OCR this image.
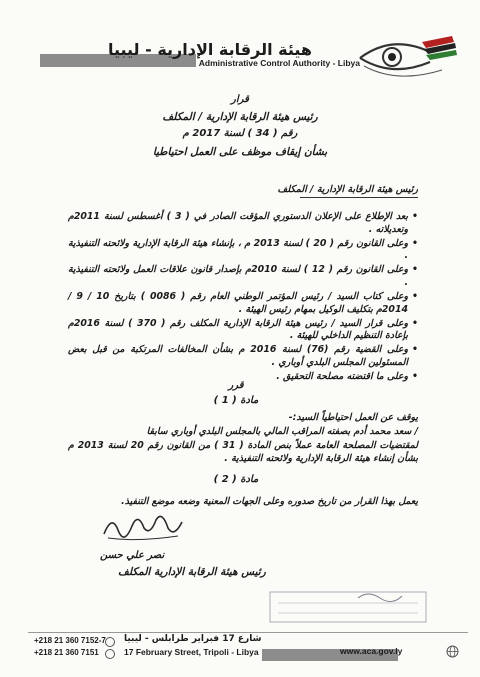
هيئة الرقابة الإدارية - ليبيا
Administrative Control Authority - Libya
قرار
رئيس هيئة الرقابة الإدارية / المكلف
رقم ( 34 ) لسنة 2017 م
بشأن إيقاف موظف على العمل احتياطيا
رئيس هيئة الرقابة الإدارية / المكلف

• بعد الإطلاع على الإعلان الدستوري المؤقت الصادر في ( 3 ) أغسطس لسنة 2011م وتعديلاته .

• وعلى القانون رقم ( 20 ) لسنة 2013 م ، بإنشاء هيئة الرقابة الإدارية ولائحته التنفيذية .

• وعلى القانون رقم ( 12 ) لسنة 2010م بإصدار قانون علاقات العمل ولائحته التنفيذية .

• وعلى كتاب السيد / رئيس المؤتمر الوطني العام رقم ( 0086 ) بتاريخ 10 / 9 / 2014م بتكليف الوكيل بمهام رئيس الهيئة .

• وعلى قرار السيد / رئيس هيئة الرقابة الإدارية المكلف رقم ( 370 ) لسنة 2016م بإعادة التنظيم الداخلي للهيئة .

• وعلى القضية رقم (76) لسنة 2016 م بشأن المخالفات المرتكبة من قبل بعض المسئولين المجلس البلدي أوباري .

• وعلى ما اقتضته مصلحة التحقيق .

قرر
مادة ( 1 )

يوقف عن العمل احتياطياً السيد:-

/ سعد محمد أدم بصفته المراقب المالي بالمجلس البلدي أوباري سابقا

لمقتضيات المصلحة العامة عملاً بنص المادة ( 31 ) من القانون رقم 20 لسنة 2013 م بشأن إنشاء هيئة الرقابة الإدارية ولائحته التنفيذية .

مادة ( 2 )
يعمل بهذا القرار من تاريخ صدوره وعلى الجهات المعنية وضعه موضع التنفيذ.
نصر علي حسن
رئيس هيئة الرقابة الإدارية المكلف
+218 21 360 7152-7
+218 21 360 7151
شارع 17 فبراير طرابلس - ليبيا
17 February Street, Tripoli - Libya	www.aca.gov.ly
